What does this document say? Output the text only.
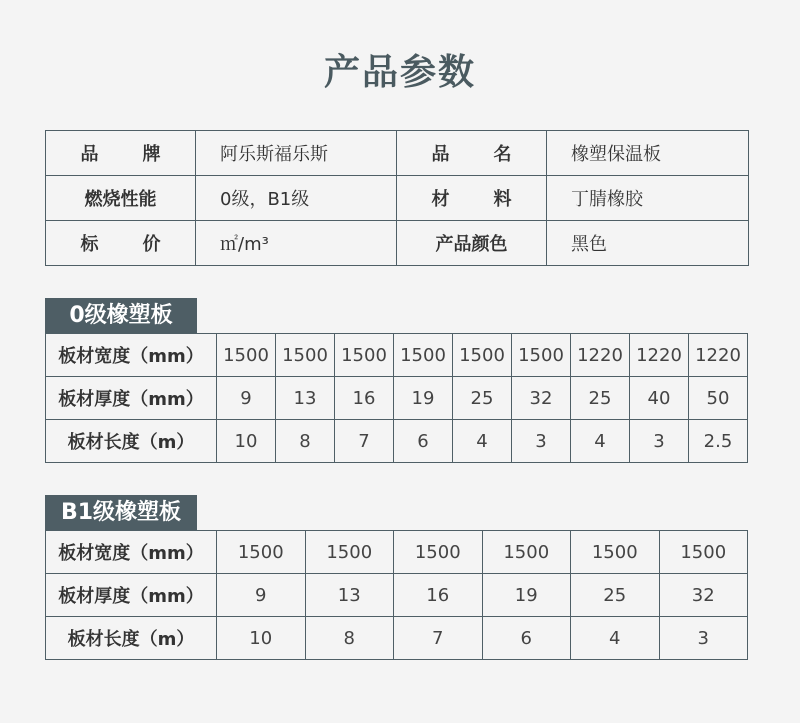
产品参数
品 牌	阿乐斯福乐斯	品 名	橡塑保温板
燃烧性能	0级，B1级	材 料	丁腈橡胶

标 价	㎡/m³	产品颜色	黑色
0级橡塑板
板材宽度（mm）	1500	1500	1500	1500	1500	1500	1220	1220	1220
板材厚度（mm）	9	13	16	19	25	32	25	40	50
板材长度（m）	10	8	7	6	4	3	4	3	2.5
B1级橡塑板
板材宽度（mm）	1500	1500	1500	1500	1500	1500
板材厚度（mm）	9	13	16	19	25	32
板材长度（m）	10	8	7	6	4	3
